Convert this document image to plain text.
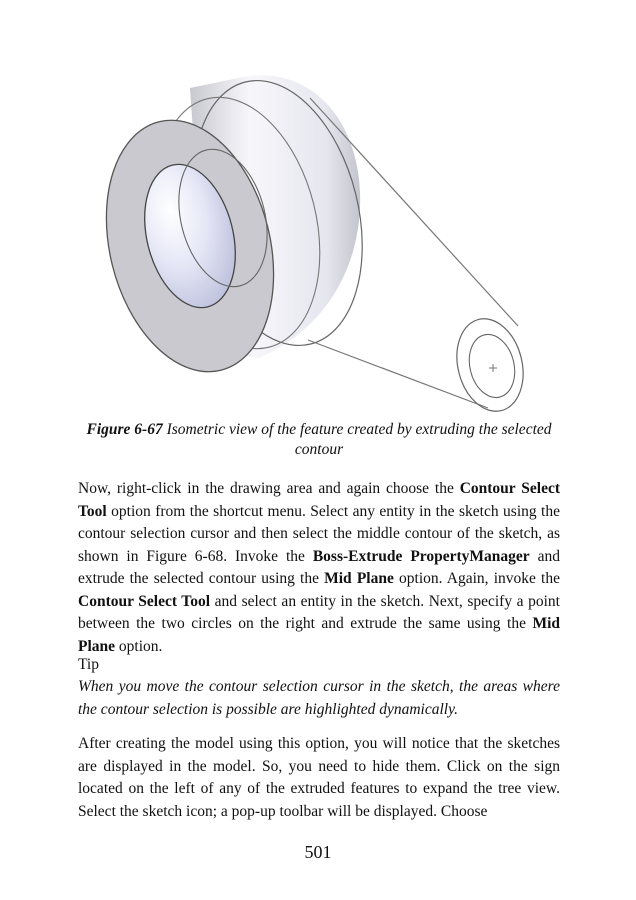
Figure 6-67 Isometric view of the feature created by extruding the selected contour

Now, right-click in the drawing area and again choose the Contour Select Tool option from the shortcut menu. Select any entity in the sketch using the contour selection cursor and then select the middle contour of the sketch, as shown in Figure 6-68. Invoke the Boss-Extrude PropertyManager and extrude the selected contour using the Mid Plane option. Again, invoke the Contour Select Tool and select an entity in the sketch. Next, specify a point between the two circles on the right and extrude the same using the Mid Plane option.

Tip
When you move the contour selection cursor in the sketch, the areas where the contour selection is possible are highlighted dynamically.

After creating the model using this option, you will notice that the sketches are displayed in the model. So, you need to hide them. Click on the sign located on the left of any of the extruded features to expand the tree view. Select the sketch icon; a pop-up toolbar will be displayed. Choose

501
